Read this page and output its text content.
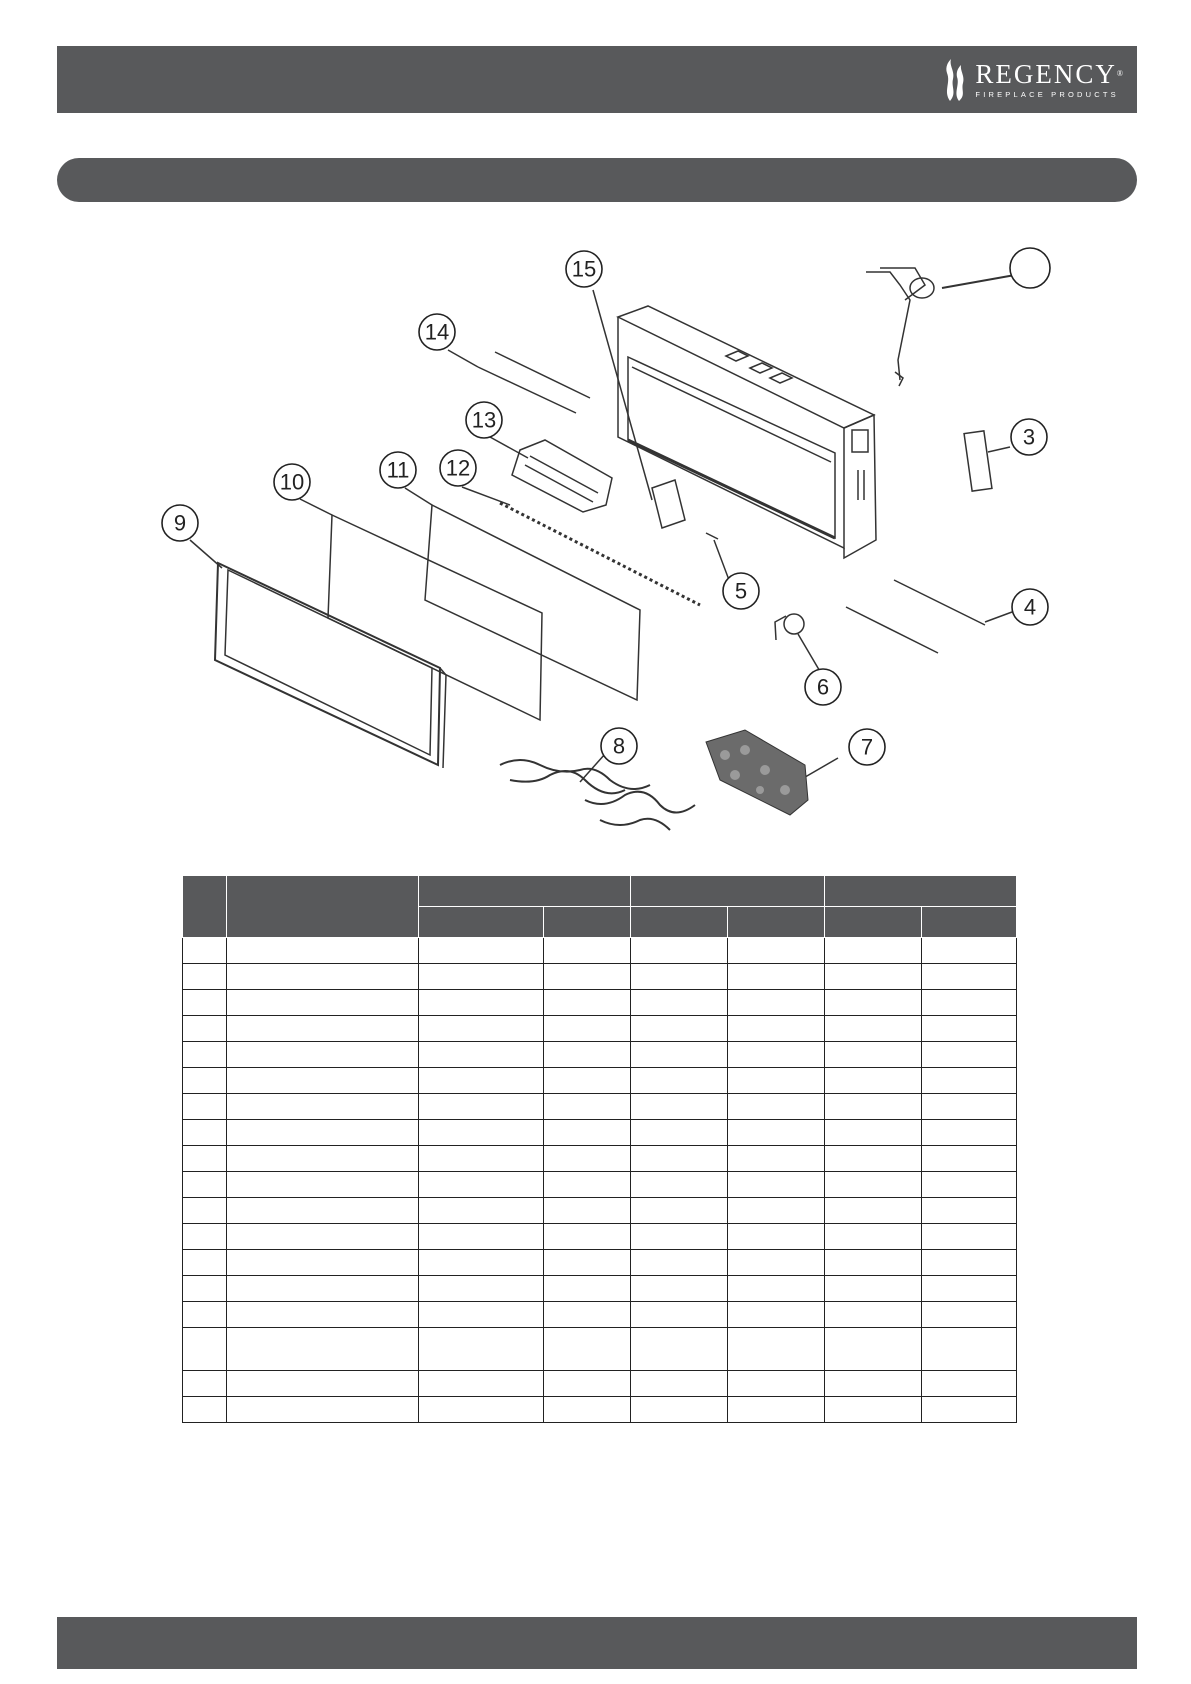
REGENCY®
FIREPLACE PRODUCTS
15
14
13
12
11
10
9
5
4
3
6
7
8
